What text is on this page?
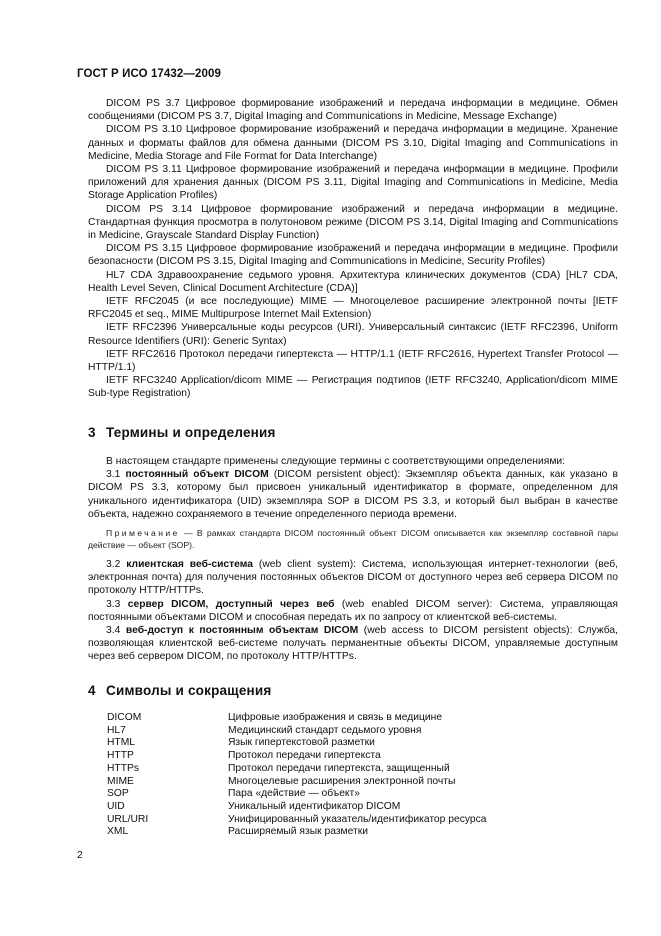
ГОСТ Р ИСО 17432—2009

DICOM PS 3.7 Цифровое формирование изображений и передача информации в медицине. Обмен сообщениями (DICOM PS 3.7, Digital Imaging and Communications in Medicine, Message Exchange)

DICOM PS 3.10 Цифровое формирование изображений и передача информации в медицине. Хранение данных и форматы файлов для обмена данными (DICOM PS 3.10, Digital Imaging and Communications in Medicine, Media Storage and File Format for Data Interchange)

DICOM PS 3.11 Цифровое формирование изображений и передача информации в медицине. Профили приложений для хранения данных (DICOM PS 3.11, Digital Imaging and Communications in Medicine, Media Storage Application Profiles)

DICOM PS 3.14 Цифровое формирование изображений и передача информации в медицине. Стандартная функция просмотра в полутоновом режиме (DICOM PS 3.14, Digital Imaging and Communications in Medicine, Grayscale Standard Display Function)

DICOM PS 3.15 Цифровое формирование изображений и передача информации в медицине. Профили безопасности (DICOM PS 3.15, Digital Imaging and Communications in Medicine, Security Profiles)

HL7 CDA Здравоохранение седьмого уровня. Архитектура клинических документов (CDA) [HL7 CDA, Health Level Seven, Clinical Document Architecture (CDA)]

IETF RFC2045 (и все последующие) MIME — Многоцелевое расширение электронной почты [IETF RFC2045 et seq., MIME Multipurpose Internet Mail Extension)

IETF RFC2396 Универсальные коды ресурсов (URI). Универсальный синтаксис (IETF RFC2396, Uniform Resource Identifiers (URI): Generic Syntax)

IETF RFC2616 Протокол передачи гипертекста — HTTP/1.1 (IETF RFC2616, Hypertext Transfer Protocol — HTTP/1.1)

IETF RFC3240 Application/dicom MIME — Регистрация подтипов (IETF RFC3240, Application/dicom MIME Sub-type Registration)

3 Термины и определения

В настоящем стандарте применены следующие термины с соответствующими определениями:

3.1 постоянный объект DICOM (DICOM persistent object): Экземпляр объекта данных, как указано в DICOM PS 3.3, которому был присвоен уникальный идентификатор в формате, определенном для уникального идентификатора (UID) экземпляра SOP в DICOM PS 3.3, и который был выбран в качестве объекта, надежно сохраняемого в течение определенного периода времени.

Примечание — В рамках стандарта DICOM постоянный объект DICOM описывается как экземпляр составной пары действие — объект (SOP).

3.2 клиентская веб-система (web client system): Система, использующая интернет-технологии (веб, электронная почта) для получения постоянных объектов DICOM от доступного через веб сервера DICOM по протоколу HTTP/HTTPs.

3.3 сервер DICOM, доступный через веб (web enabled DICOM server): Система, управляющая постоянными объектами DICOM и способная передать их по запросу от клиентской веб-системы.

3.4 веб-доступ к постоянным объектам DICOM (web access to DICOM persistent objects): Служба, позволяющая клиентской веб-системе получать перманентные объекты DICOM, управляемые доступным через веб сервером DICOM, по протоколу HTTP/HTTPs.

4 Символы и сокращения
DICOM	Цифровые изображения и связь в медицине
HL7	Медицинский стандарт седьмого уровня
HTML	Язык гипертекстовой разметки
HTTP	Протокол передачи гипертекста
HTTPs	Протокол передачи гипертекста, защищенный
MIME	Многоцелевые расширения электронной почты
SOP	Пара «действие — объект»
UID	Уникальный идентификатор DICOM
URL/URI	Унифицированный указатель/идентификатор ресурса
XML	Расширяемый язык разметки
2
